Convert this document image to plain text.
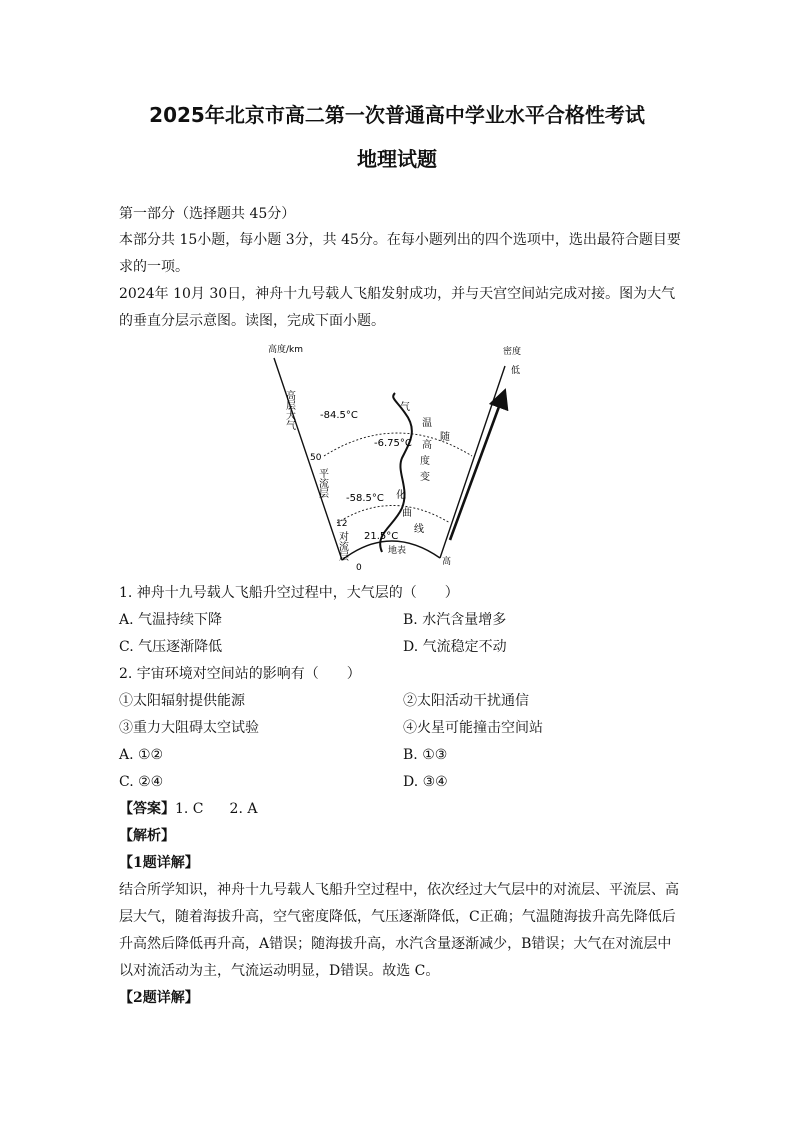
2025年北京市高二第一次普通高中学业水平合格性考试
地理试题
第一部分（选择题共 45分）
本部分共 15小题，每小题 3分，共 45分。在每小题列出的四个选项中，选出最符合题目要
求的一项。
2024年 10月 30日，神舟十九号载人飞船发射成功，并与天宫空间站完成对接。图为大气
的垂直分层示意图。读图，完成下面小题。
高度/km	密度
低
高
50
12
0
-84.5°C
-6.75°C
-58.5°C
21.5°C
地表
高层大气
平流层
对流层
气
温
随
高
度
变
化
曲
线
1. 神舟十九号载人飞船升空过程中，大气层的（　　）
A. 气温持续下降	B. 水汽含量增多
C. 气压逐渐降低	D. 气流稳定不动
2. 宇宙环境对空间站的影响有（　　）
①太阳辐射提供能源	②太阳活动干扰通信
③重力大阻碍太空试验	④火星可能撞击空间站
A. ①②	B. ①③
C. ②④	D. ③④
【答案】1. C 2. A
【解析】
【1题详解】
结合所学知识，神舟十九号载人飞船升空过程中，依次经过大气层中的对流层、平流层、高
层大气，随着海拔升高，空气密度降低，气压逐渐降低，C正确；气温随海拔升高先降低后
升高然后降低再升高，A错误；随海拔升高，水汽含量逐渐减少，B错误；大气在对流层中
以对流活动为主，气流运动明显，D错误。故选 C。
【2题详解】
